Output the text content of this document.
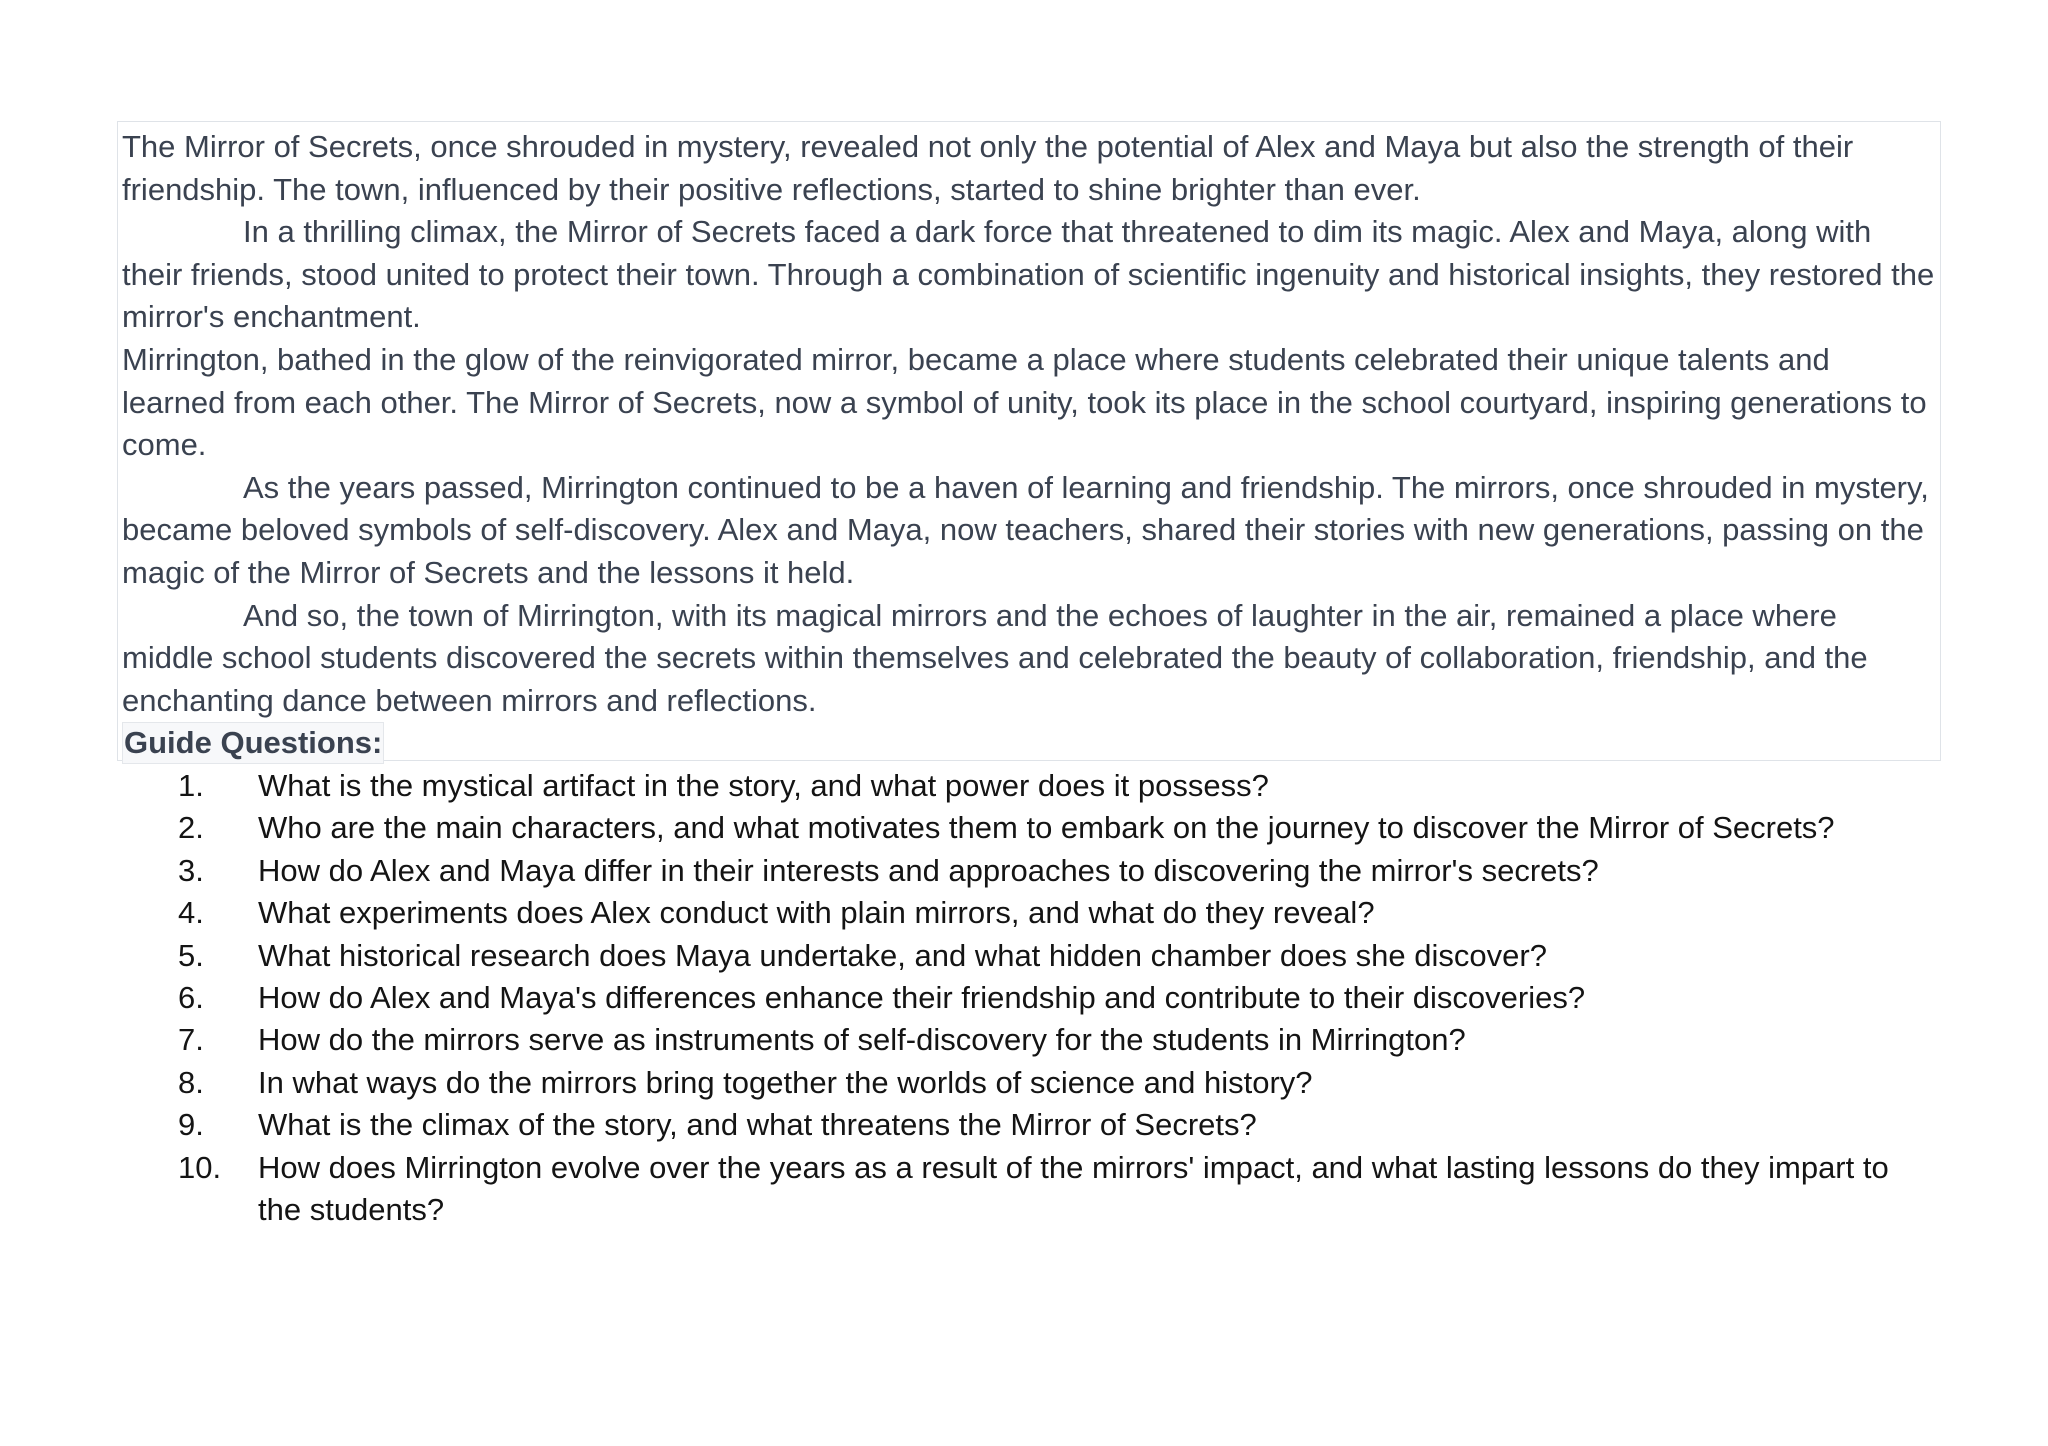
The Mirror of Secrets, once shrouded in mystery, revealed not only the potential of Alex and Maya but also the strength of their friendship. The town, influenced by their positive reflections, started to shine brighter than ever.

In a thrilling climax, the Mirror of Secrets faced a dark force that threatened to dim its magic. Alex and Maya, along with their friends, stood united to protect their town. Through a combination of scientific ingenuity and historical insights, they restored the mirror's enchantment.

Mirrington, bathed in the glow of the reinvigorated mirror, became a place where students celebrated their unique talents and learned from each other. The Mirror of Secrets, now a symbol of unity, took its place in the school courtyard, inspiring generations to come.

As the years passed, Mirrington continued to be a haven of learning and friendship. The mirrors, once shrouded in mystery, became beloved symbols of self-discovery. Alex and Maya, now teachers, shared their stories with new generations, passing on the magic of the Mirror of Secrets and the lessons it held.

And so, the town of Mirrington, with its magical mirrors and the echoes of laughter in the air, remained a place where middle school students discovered the secrets within themselves and celebrated the beauty of collaboration, friendship, and the enchanting dance between mirrors and reflections.

Guide Questions:
1.	What is the mystical artifact in the story, and what power does it possess?
2.	Who are the main characters, and what motivates them to embark on the journey to discover the Mirror of Secrets?
3.	How do Alex and Maya differ in their interests and approaches to discovering the mirror's secrets?
4.	What experiments does Alex conduct with plain mirrors, and what do they reveal?
5.	What historical research does Maya undertake, and what hidden chamber does she discover?
6.	How do Alex and Maya's differences enhance their friendship and contribute to their discoveries?
7.	How do the mirrors serve as instruments of self-discovery for the students in Mirrington?
8.	In what ways do the mirrors bring together the worlds of science and history?
9.	What is the climax of the story, and what threatens the Mirror of Secrets?
10.	How does Mirrington evolve over the years as a result of the mirrors' impact, and what lasting lessons do they impart to the students?
